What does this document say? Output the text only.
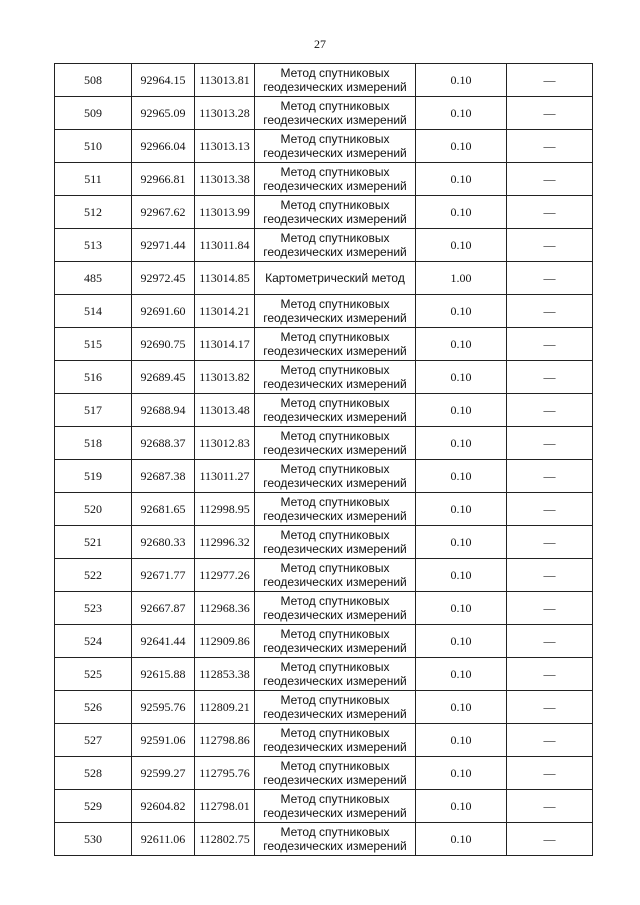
27
508	92964.15	113013.81	Метод спутниковых геодезических измерений	0.10	—
509	92965.09	113013.28	Метод спутниковых геодезических измерений	0.10	—
510	92966.04	113013.13	Метод спутниковых геодезических измерений	0.10	—
511	92966.81	113013.38	Метод спутниковых геодезических измерений	0.10	—
512	92967.62	113013.99	Метод спутниковых геодезических измерений	0.10	—
513	92971.44	113011.84	Метод спутниковых геодезических измерений	0.10	—
485	92972.45	113014.85	Картометрический метод	1.00	—
514	92691.60	113014.21	Метод спутниковых геодезических измерений	0.10	—
515	92690.75	113014.17	Метод спутниковых геодезических измерений	0.10	—
516	92689.45	113013.82	Метод спутниковых геодезических измерений	0.10	—
517	92688.94	113013.48	Метод спутниковых геодезических измерений	0.10	—
518	92688.37	113012.83	Метод спутниковых геодезических измерений	0.10	—
519	92687.38	113011.27	Метод спутниковых геодезических измерений	0.10	—
520	92681.65	112998.95	Метод спутниковых геодезических измерений	0.10	—
521	92680.33	112996.32	Метод спутниковых геодезических измерений	0.10	—
522	92671.77	112977.26	Метод спутниковых геодезических измерений	0.10	—
523	92667.87	112968.36	Метод спутниковых геодезических измерений	0.10	—
524	92641.44	112909.86	Метод спутниковых геодезических измерений	0.10	—
525	92615.88	112853.38	Метод спутниковых геодезических измерений	0.10	—
526	92595.76	112809.21	Метод спутниковых геодезических измерений	0.10	—
527	92591.06	112798.86	Метод спутниковых геодезических измерений	0.10	—
528	92599.27	112795.76	Метод спутниковых геодезических измерений	0.10	—
529	92604.82	112798.01	Метод спутниковых геодезических измерений	0.10	—
530	92611.06	112802.75	Метод спутниковых геодезических измерений	0.10	—
